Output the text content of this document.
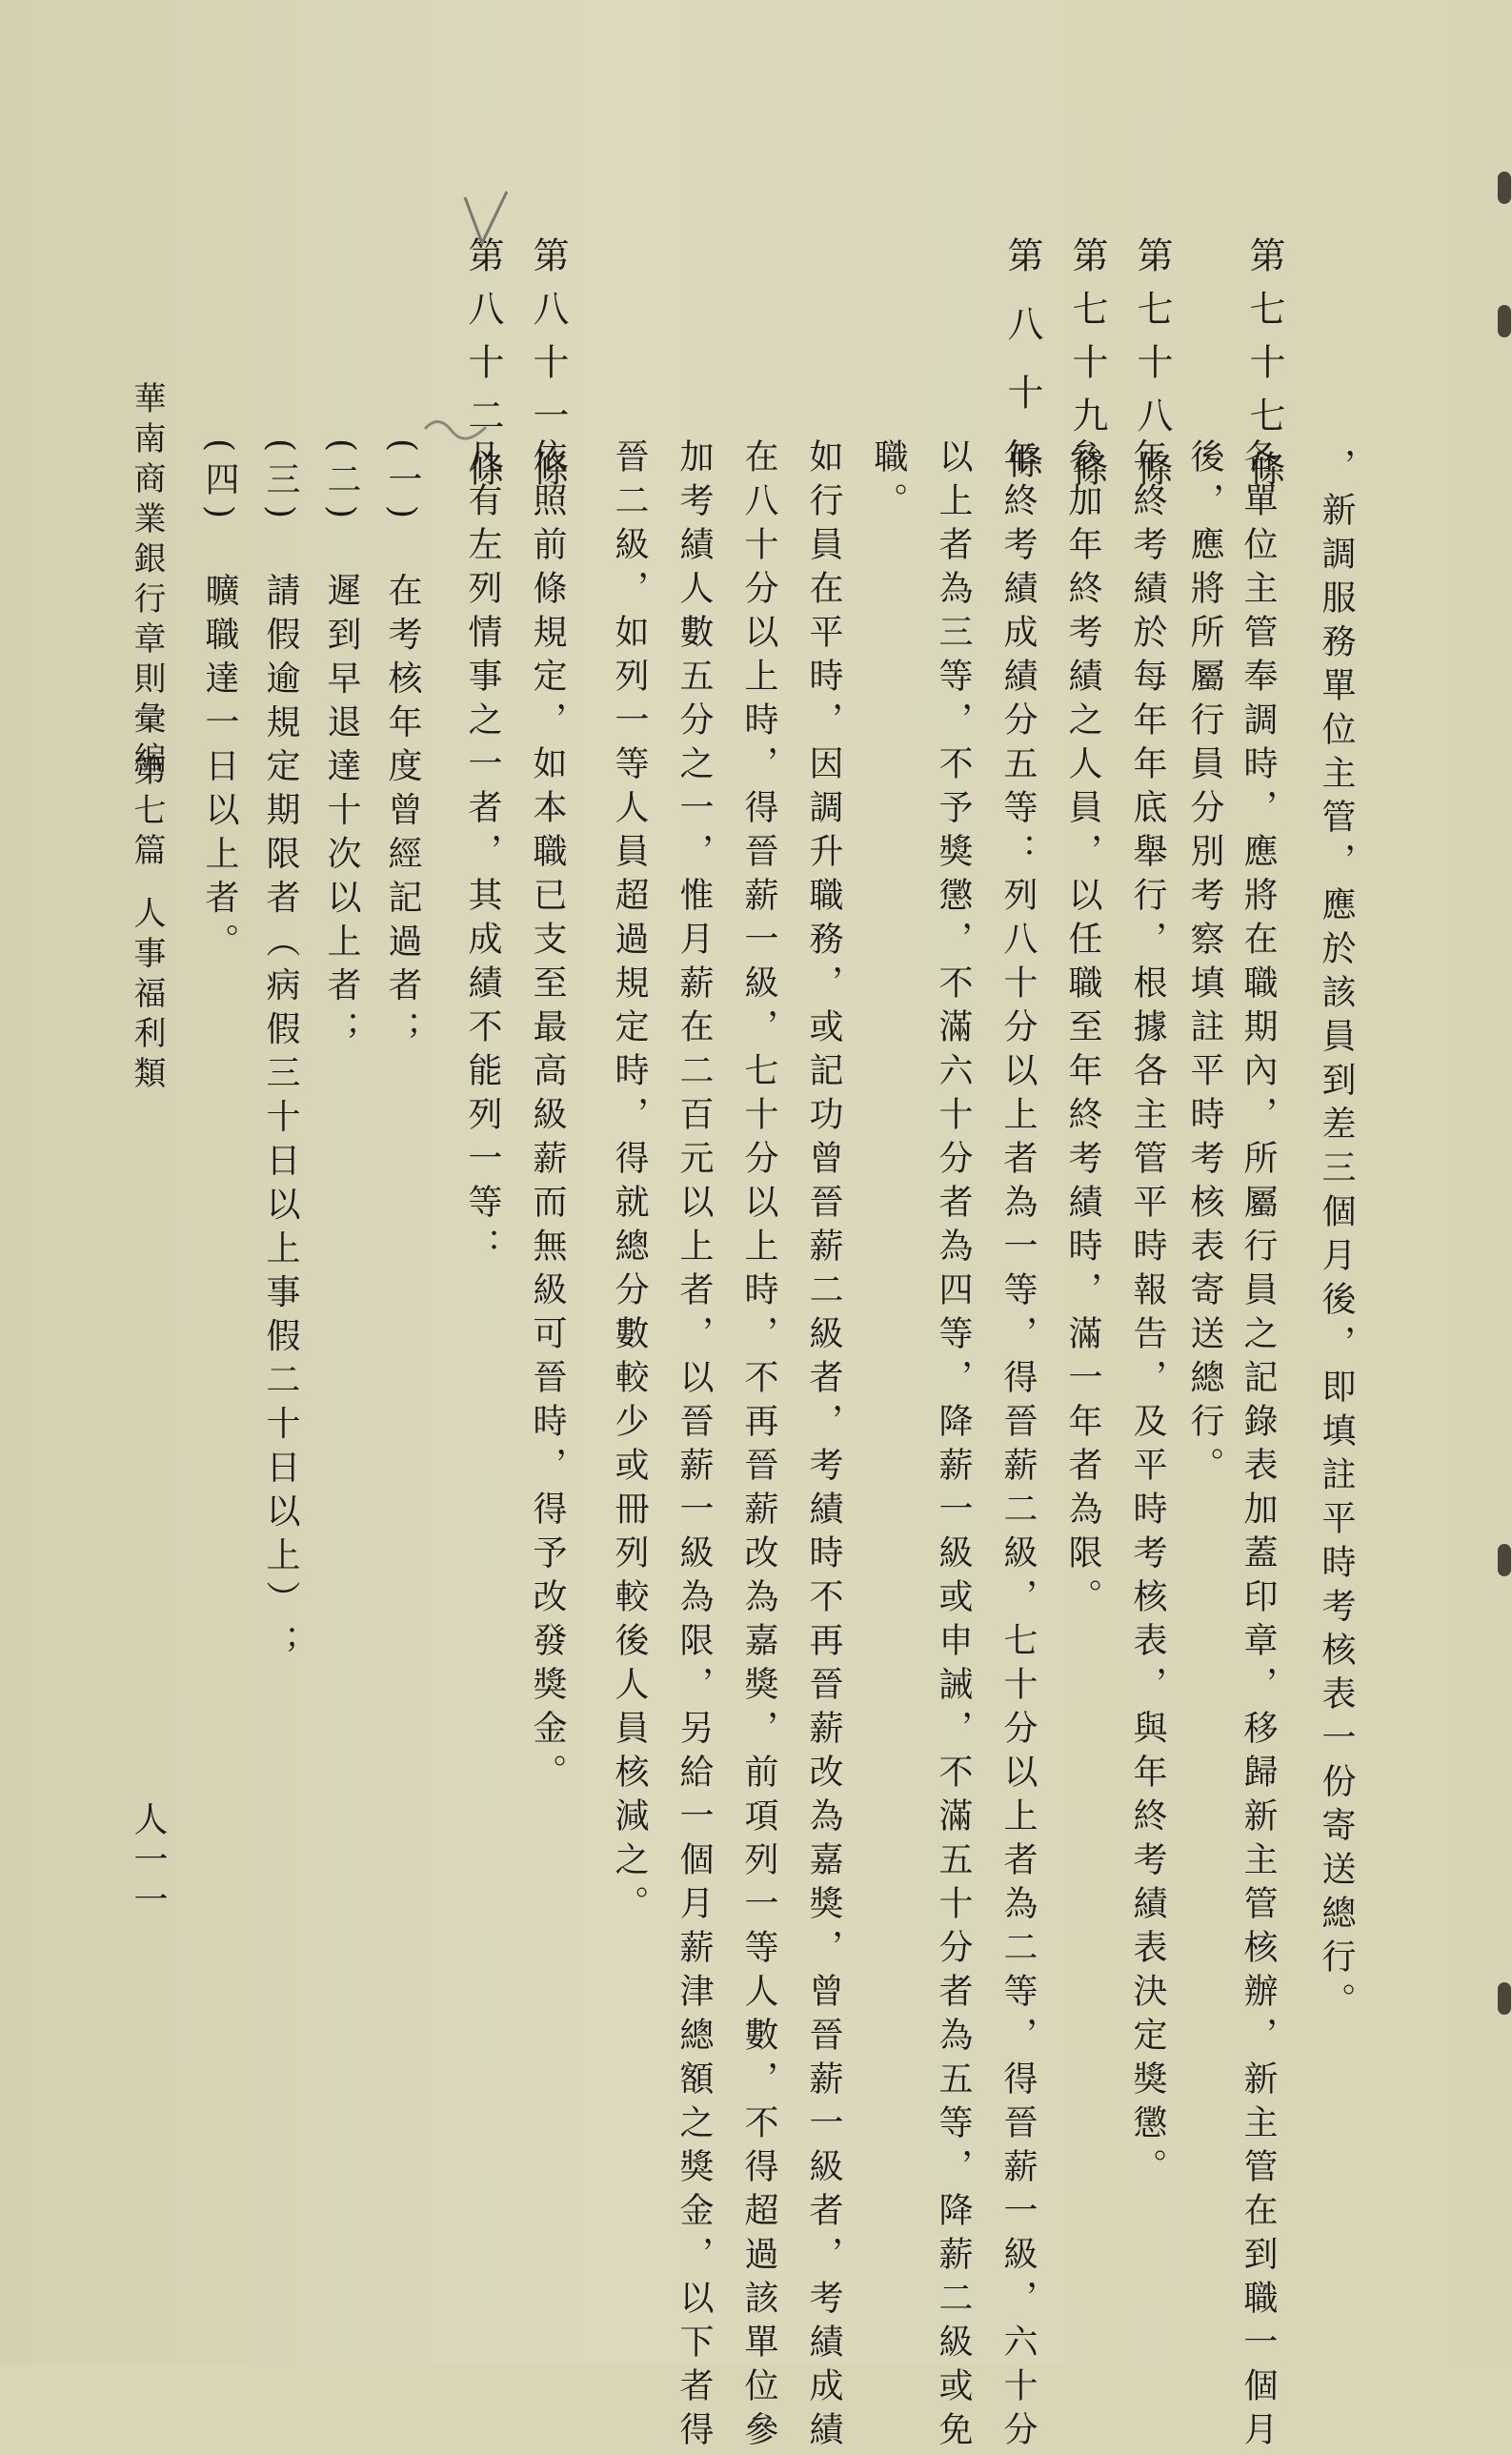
第七十七條
各單位主管奉調時，應將在職期內，所屬行員之記錄表加蓋印章，移歸新主管核辦，新主管在到職一個月
後，應將所屬行員分別考察填註平時考核表寄送總行。	，新調服務單位主管，應於該員到差三個月後，即填註平時考核表一份寄送總行。
第七十八條
年終考績於每年年底舉行，根據各主管平時報告，及平時考核表，與年終考績表決定獎懲。
第七十九條
參加年終考績之人員，以任職至年終考績時，滿一年者為限。
第八十條
年終考績成績分五等：列八十分以上者為一等，得晉薪二級，七十分以上者為二等，得晉薪一級，六十分
以上者為三等，不予獎懲，不滿六十分者為四等，降薪一級或申誡，不滿五十分者為五等，降薪二級或免
職。
如行員在平時，因調升職務，或記功曾晉薪二級者，考績時不再晉薪改為嘉獎，曾晉薪一級者，考績成績
在八十分以上時，得晉薪一級，七十分以上時，不再晉薪改為嘉獎，前項列一等人數，不得超過該單位參
加考績人數五分之一，惟月薪在二百元以上者，以晉薪一級為限，另給一個月薪津總額之獎金，以下者得
晉二級，如列一等人員超過規定時，得就總分數較少或冊列較後人員核減之。
第八十一條
依照前條規定，如本職已支至最高級薪而無級可晉時，得予改發獎金。
第八十二條
凡有左列情事之一者，其成績不能列一等：
(一)　在考核年度曾經記過者；
(二)　遲到早退達十次以上者；
(三)　請假逾規定期限者（病假三十日以上事假二十日以上）；
(四)　曠職達一日以上者。
華南商業銀行章則彙編
第七篇
人事福利類
人一一
